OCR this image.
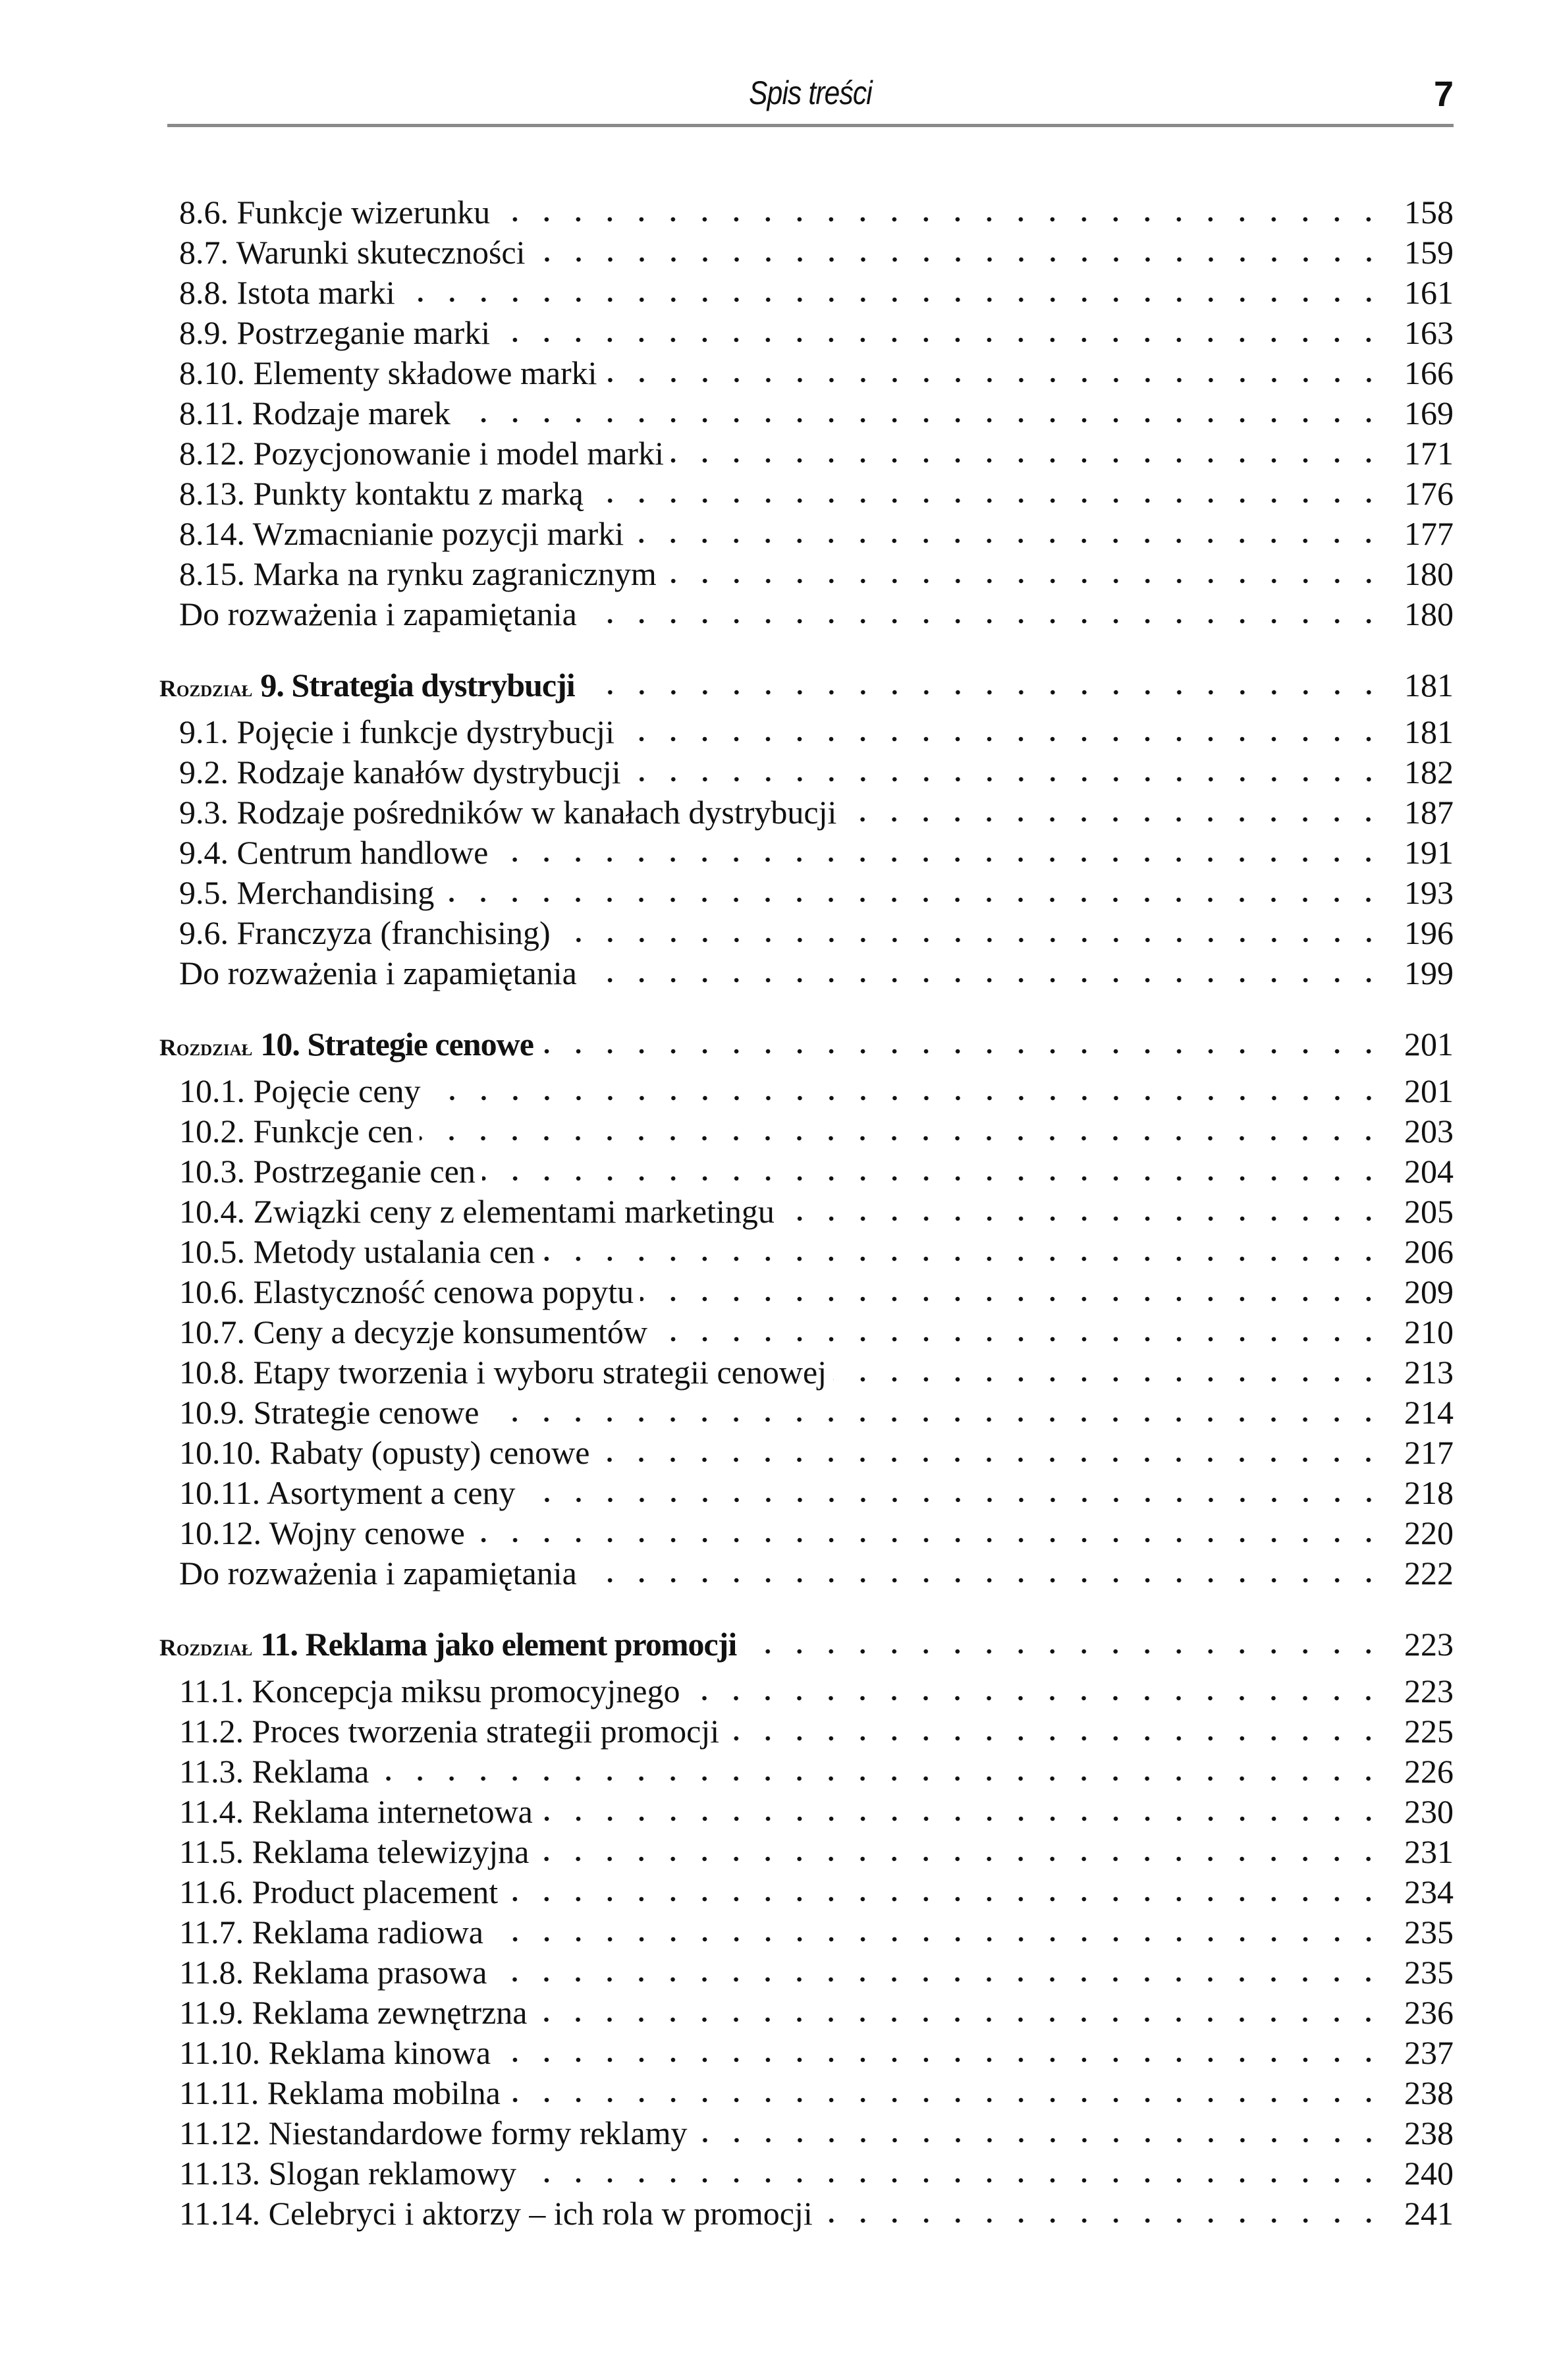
Spis treści	7
8.6. Funkcje wizerunku	158
8.7. Warunki skuteczności	159
8.8. Istota marki	161
8.9. Postrzeganie marki	163
8.10. Elementy składowe marki	166
8.11. Rodzaje marek	169
8.12. Pozycjonowanie i model marki	171
8.13. Punkty kontaktu z marką	176
8.14. Wzmacnianie pozycji marki	177
8.15. Marka na rynku zagranicznym	180
Do rozważenia i zapamiętania	180
Rozdział 9. Strategia dystrybucji	181
9.1. Pojęcie i funkcje dystrybucji	181
9.2. Rodzaje kanałów dystrybucji	182
9.3. Rodzaje pośredników w kanałach dystrybucji	187
9.4. Centrum handlowe	191
9.5. Merchandising	193
9.6. Franczyza (franchising)	196
Do rozważenia i zapamiętania	199
Rozdział 10. Strategie cenowe	201
10.1. Pojęcie ceny	201
10.2. Funkcje cen	203
10.3. Postrzeganie cen	204
10.4. Związki ceny z elementami marketingu	205
10.5. Metody ustalania cen	206
10.6. Elastyczność cenowa popytu	209
10.7. Ceny a decyzje konsumentów	210
10.8. Etapy tworzenia i wyboru strategii cenowej	213
10.9. Strategie cenowe	214
10.10. Rabaty (opusty) cenowe	217
10.11. Asortyment a ceny	218
10.12. Wojny cenowe	220
Do rozważenia i zapamiętania	222
Rozdział 11. Reklama jako element promocji	223
11.1. Koncepcja miksu promocyjnego	223
11.2. Proces tworzenia strategii promocji	225
11.3. Reklama	226
11.4. Reklama internetowa	230
11.5. Reklama telewizyjna	231
11.6. Product placement	234
11.7. Reklama radiowa	235
11.8. Reklama prasowa	235
11.9. Reklama zewnętrzna	236
11.10. Reklama kinowa	237
11.11. Reklama mobilna	238
11.12. Niestandardowe formy reklamy	238
11.13. Slogan reklamowy	240
11.14. Celebryci i aktorzy – ich rola w promocji	241
